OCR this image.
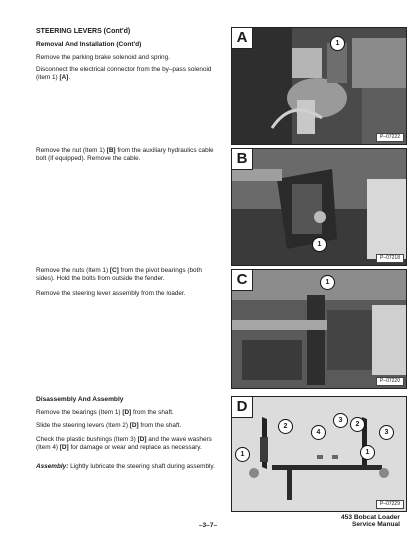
STEERING LEVERS (Cont'd)
Removal And Installation (Cont'd)
Remove the parking brake solenoid and spring.
Disconnect the electrical connector from the by–pass solenoid (item 1) [A].
Remove the nut (Item 1) [B] from the auxiliary hydraulics cable bolt (if equipped). Remove the cable.
Remove the nuts (Item 1) [C] from the pivot bearings (both sides). Hold the bolts from outside the fender.
Remove the steering lever assembly from the loader.
Disassembly And Assembly
Remove the bearings (Item 1) [D] from the shaft.
Slide the steering levers (Item 2) [D] from the shaft.
Check the plastic bushings (Item 3) [D] and the wave washers (Item 4) [D] for damage or wear and replace as necessary.
Assembly: Lightly lubricate the steering shaft during assembly.
A	1
P–07222
B
1
P–07218
C	1
P–07220
D
2
3
4
2
3
1	1
P–07229
–3–7–
453 Bobcat Loader
Service Manual
